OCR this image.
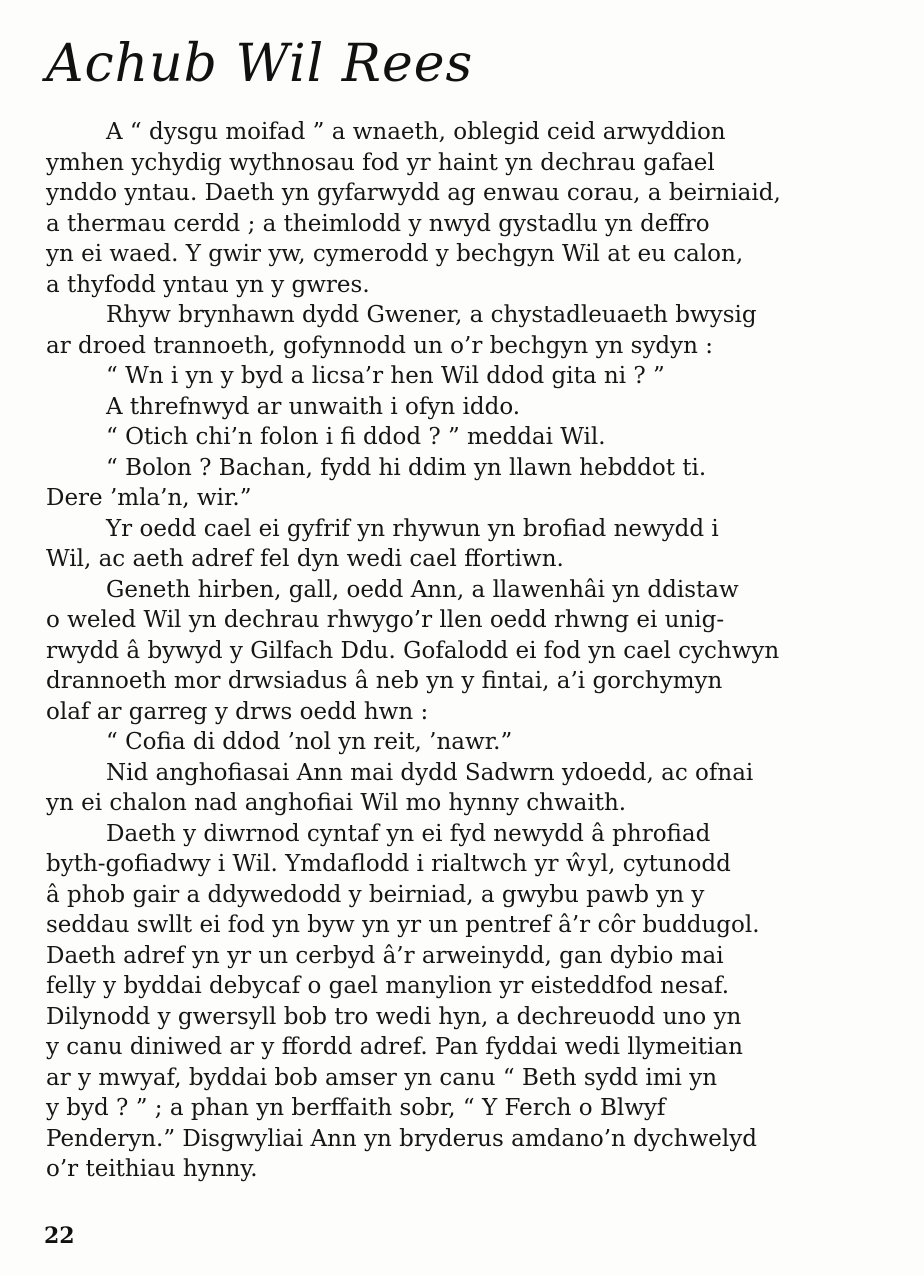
Achub Wil Rees
A “ dysgu moifad ” a wnaeth, oblegid ceid arwyddion
ymhen ychydig wythnosau fod yr haint yn dechrau gafael
ynddo yntau. Daeth yn gyfarwydd ag enwau corau, a beirniaid,
a thermau cerdd ; a theimlodd y nwyd gystadlu yn deffro
yn ei waed. Y gwir yw, cymerodd y bechgyn Wil at eu calon,
a thyfodd yntau yn y gwres.
Rhyw brynhawn dydd Gwener, a chystadleuaeth bwysig
ar droed trannoeth, gofynnodd un o’r bechgyn yn sydyn :
“ Wn i yn y byd a licsa’r hen Wil ddod gita ni ? ”
A threfnwyd ar unwaith i ofyn iddo.
“ Otich chi’n folon i fi ddod ? ” meddai Wil.
“ Bolon ? Bachan, fydd hi ddim yn llawn hebddot ti.
Dere ’mla’n, wir.”
Yr oedd cael ei gyfrif yn rhywun yn brofiad newydd i
Wil, ac aeth adref fel dyn wedi cael ffortiwn.
Geneth hirben, gall, oedd Ann, a llawenhâi yn ddistaw
o weled Wil yn dechrau rhwygo’r llen oedd rhwng ei unig-
rwydd â bywyd y Gilfach Ddu. Gofalodd ei fod yn cael cychwyn
drannoeth mor drwsiadus â neb yn y fintai, a’i gorchymyn
olaf ar garreg y drws oedd hwn :
“ Cofia di ddod ’nol yn reit, ’nawr.”
Nid anghofiasai Ann mai dydd Sadwrn ydoedd, ac ofnai
yn ei chalon nad anghofiai Wil mo hynny chwaith.
Daeth y diwrnod cyntaf yn ei fyd newydd â phrofiad
byth-gofiadwy i Wil. Ymdaflodd i rialtwch yr ŵyl, cytunodd
â phob gair a ddywedodd y beirniad, a gwybu pawb yn y
seddau swllt ei fod yn byw yn yr un pentref â’r côr buddugol.
Daeth adref yn yr un cerbyd â’r arweinydd, gan dybio mai
felly y byddai debycaf o gael manylion yr eisteddfod nesaf.
Dilynodd y gwersyll bob tro wedi hyn, a dechreuodd uno yn
y canu diniwed ar y ffordd adref. Pan fyddai wedi llymeitian
ar y mwyaf, byddai bob amser yn canu “ Beth sydd imi yn
y byd ? ” ; a phan yn berffaith sobr, “ Y Ferch o Blwyf
Penderyn.” Disgwyliai Ann yn bryderus amdano’n dychwelyd
o’r teithiau hynny.
22
